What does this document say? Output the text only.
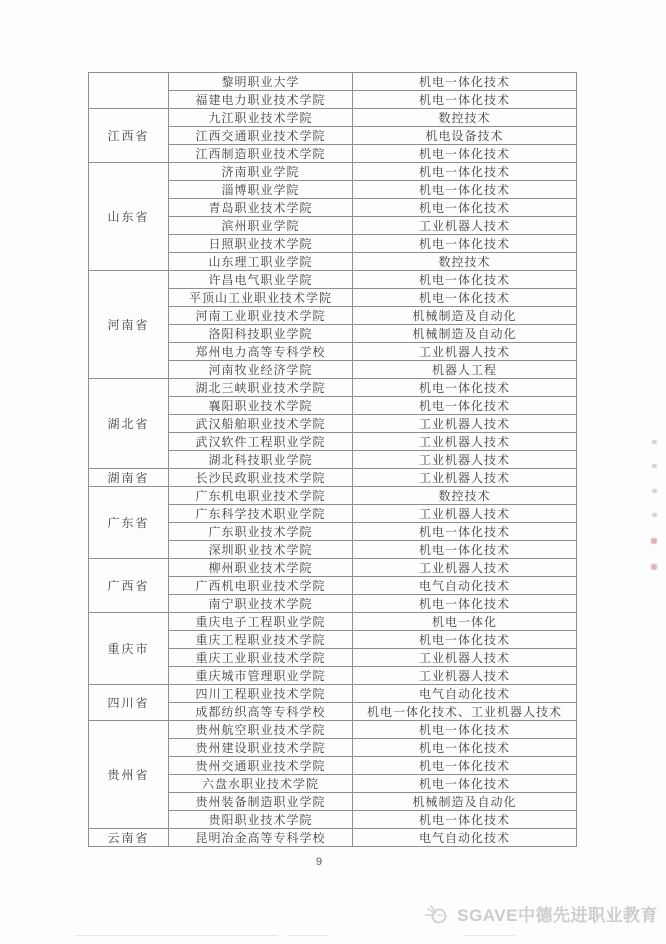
	黎明职业大学	机电一体化技术
	福建电力职业技术学院	机电一体化技术
江西省	九江职业技术学院	数控技术
	江西交通职业技术学院	机电设备技术
	江西制造职业技术学院	机电一体化技术
山东省	济南职业学院	机电一体化技术
	淄博职业学院	机电一体化技术
	青岛职业技术学院	机电一体化技术
	滨州职业学院	工业机器人技术
	日照职业技术学院	机电一体化技术
	山东理工职业学院	数控技术
河南省	许昌电气职业学院	机电一体化技术
	平顶山工业职业技术学院	机电一体化技术
	河南工业职业技术学院	机械制造及自动化
	洛阳科技职业学院	机械制造及自动化
	郑州电力高等专科学校	工业机器人技术
	河南牧业经济学院	机器人工程
湖北省	湖北三峡职业技术学院	机电一体化技术
	襄阳职业技术学院	机电一体化技术
	武汉船舶职业技术学院	工业机器人技术
	武汉软件工程职业学院	工业机器人技术
	湖北科技职业学院	工业机器人技术
湖南省	长沙民政职业技术学院	工业机器人技术
广东省	广东机电职业技术学院	数控技术
	广东科学技术职业学院	工业机器人技术
	广东职业技术学院	机电一体化技术
	深圳职业技术学院	机电一体化技术
广西省	柳州职业技术学院	工业机器人技术
	广西机电职业技术学院	电气自动化技术
	南宁职业技术学院	机电一体化技术
重庆市	重庆电子工程职业学院	机电一体化
	重庆工程职业技术学院	机电一体化技术
	重庆工业职业技术学院	工业机器人技术
	重庆城市管理职业学院	工业机器人技术
四川省	四川工程职业技术学院	电气自动化技术
	成都纺织高等专科学校	机电一体化技术、工业机器人技术
贵州省	贵州航空职业技术学院	机电一体化技术
	贵州建设职业技术学院	机电一体化技术
	贵州交通职业技术学院	机电一体化技术
	六盘水职业技术学院	机电一体化技术
	贵州装备制造职业学院	机械制造及自动化
	贵阳职业技术学院	机电一体化技术
云南省	昆明冶金高等专科学校	电气自动化技术
9
SGAVE中德先进职业教育
